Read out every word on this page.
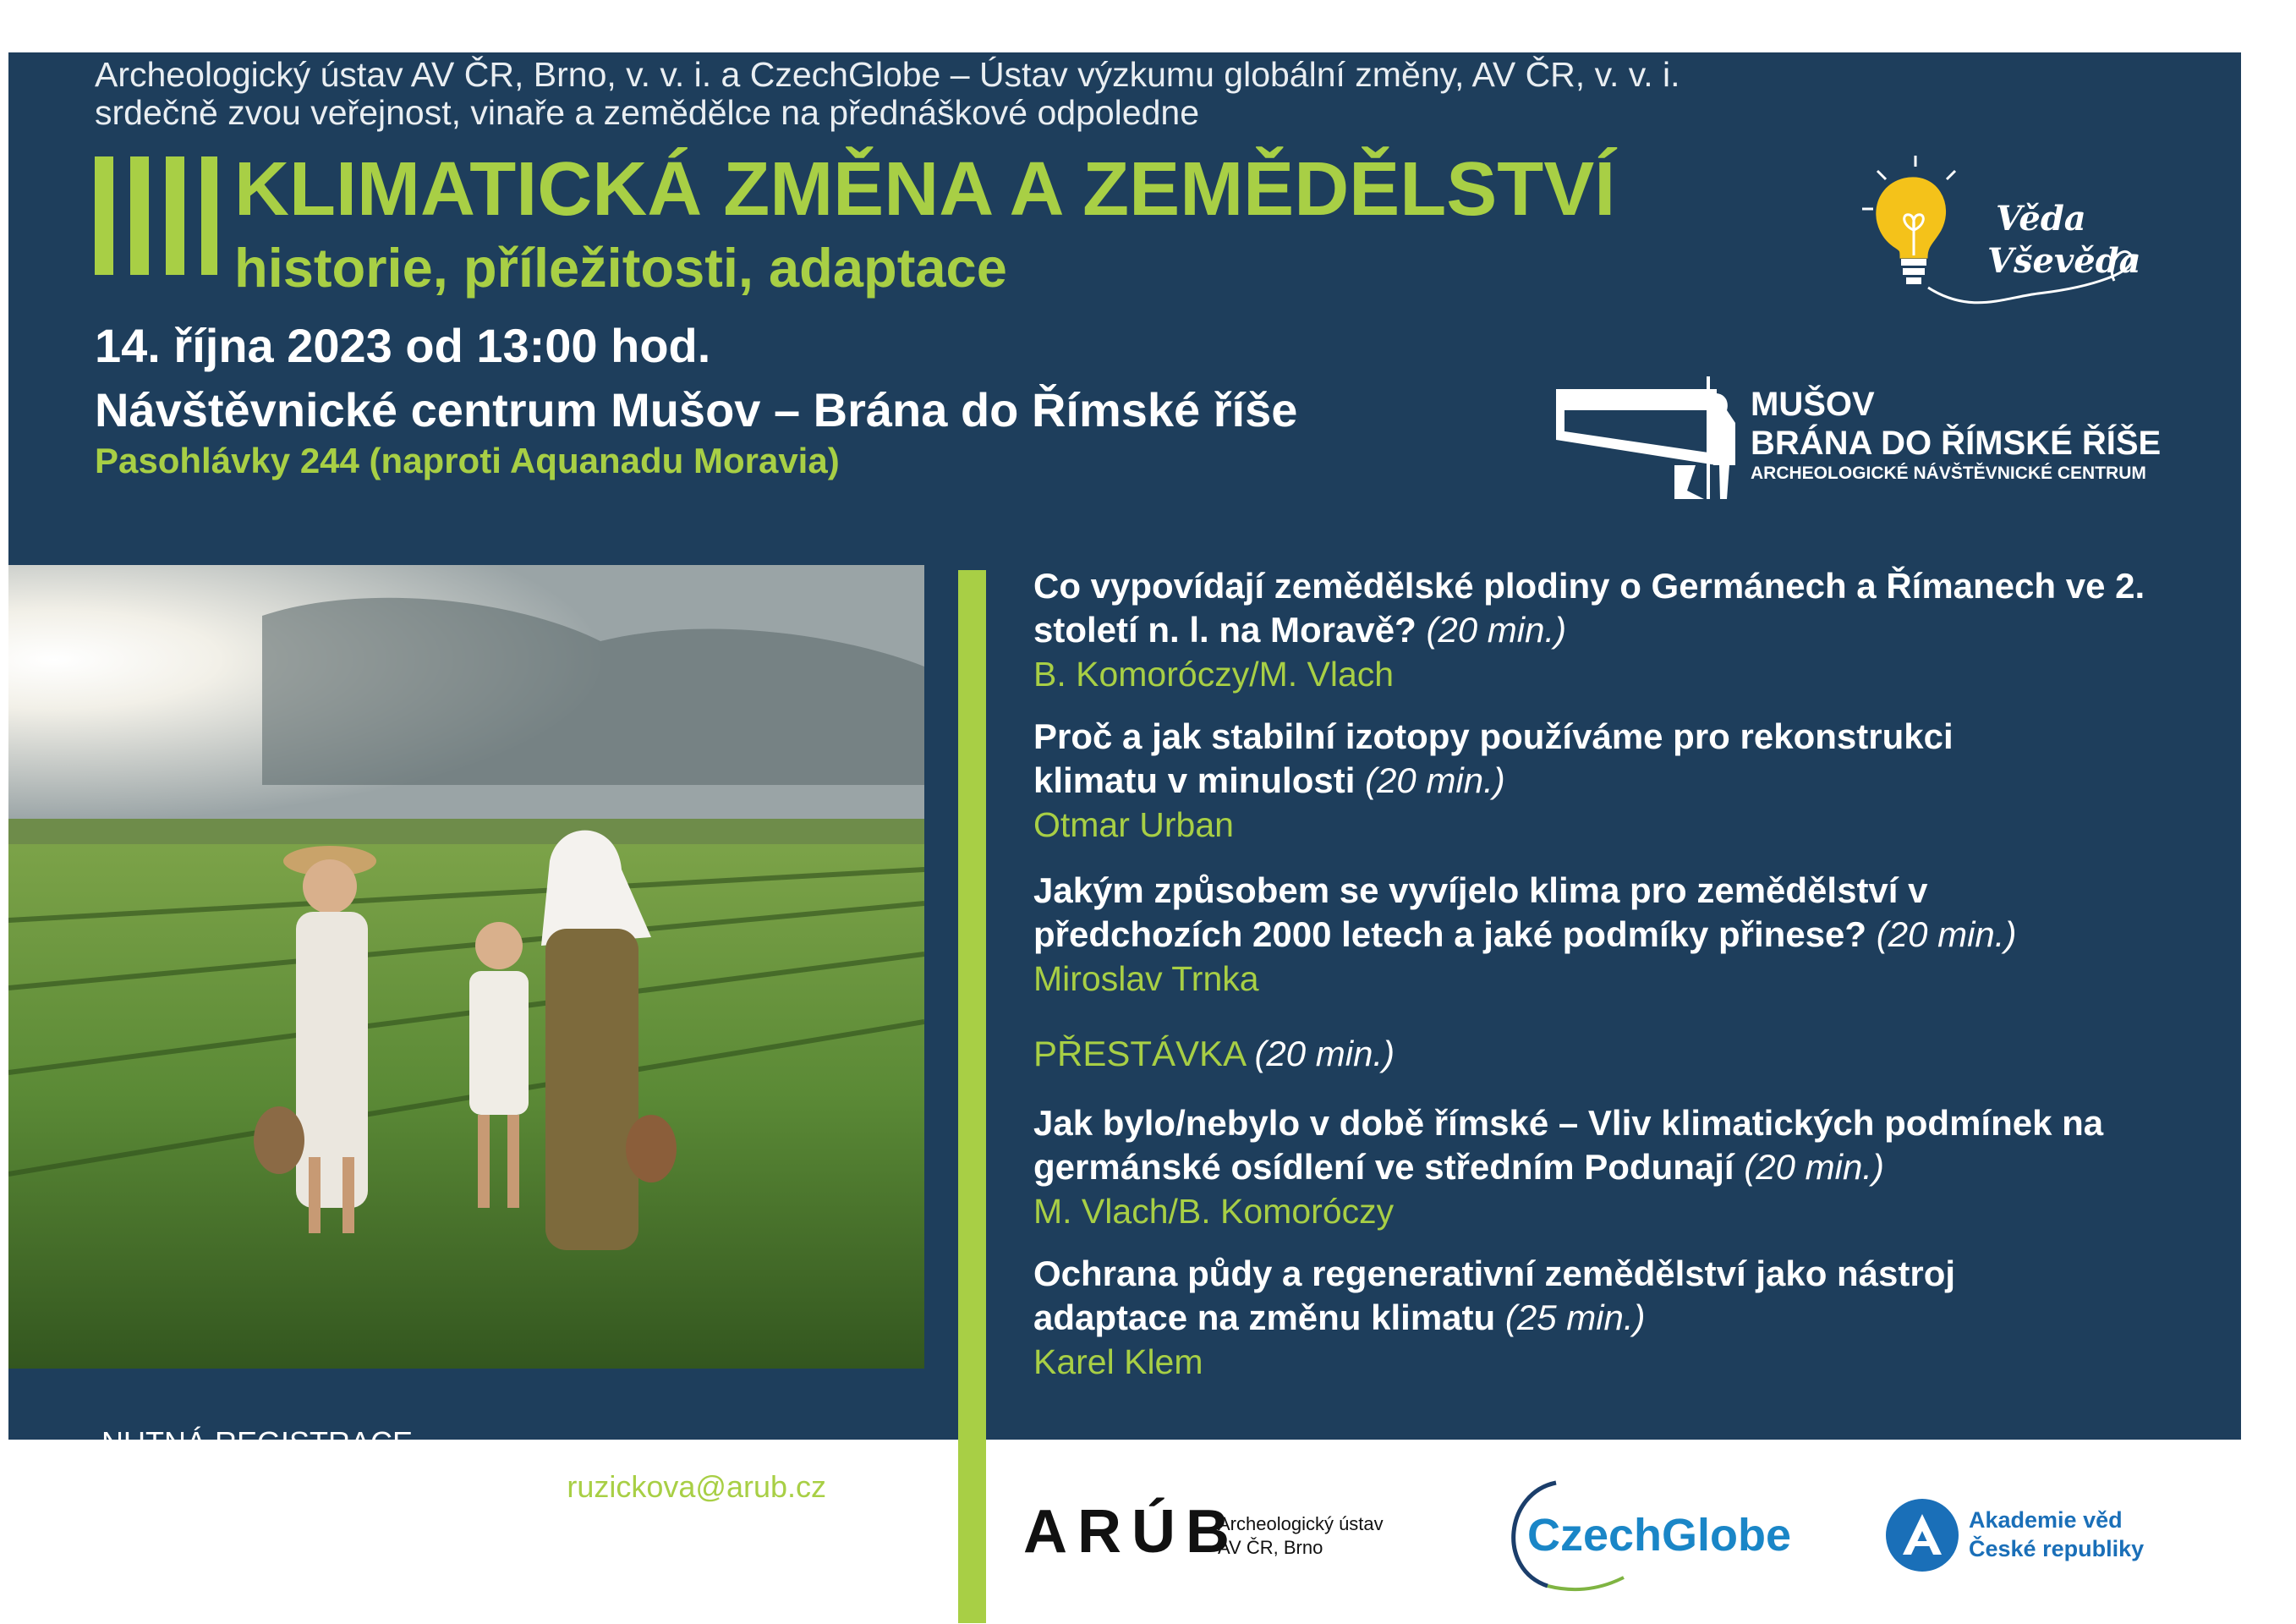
Archeologický ústav AV ČR, Brno, v. v. i. a CzechGlobe – Ústav výzkumu globální změny, AV ČR, v. v. i.
srdečně zvou veřejnost, vinaře a zemědělce na přednáškové odpoledne
KLIMATICKÁ ZMĚNA A ZEMĚDĚLSTVÍ
historie, příležitosti, adaptace
14. října 2023 od 13:00 hod.
Návštěvnické centrum Mušov – Brána do Římské říše
Pasohlávky 244 (naproti Aquanadu Moravia)
Věda
Vševěda
MUŠOV
BRÁNA DO ŘÍMSKÉ ŘÍŠE
ARCHEOLOGICKÉ NÁVŠTĚVNICKÉ CENTRUM
Co vypovídají zemědělské plodiny o Germánech a Římanech ve 2. století n. l. na Moravě? (20 min.)
B. Komoróczy/M. Vlach
Proč a jak stabilní izotopy používáme pro rekonstrukci klimatu v minulosti (20 min.)
Otmar Urban
Jakým způsobem se vyvíjelo klima pro zemědělství v předchozích 2000 letech a jaké podmíky přinese? (20 min.)
Miroslav Trnka
PŘESTÁVKA (20 min.)
Jak bylo/nebylo v době římské – Vliv klimatických podmínek na germánské osídlení ve středním Podunají (20 min.)
M. Vlach/B. Komoróczy
Ochrana půdy a regenerativní zemědělství jako nástroj adaptace na změnu klimatu (25 min.)
Karel Klem
NUTNÁ REGISTRACE
z důvodu omezeného počtu míst:: ruzickova@arub.cz
Účast na akci je zdarma.	ARÚB
Archeologický ústav
AV ČR, Brno	CzechGlobe	Akademie věd
České republiky
